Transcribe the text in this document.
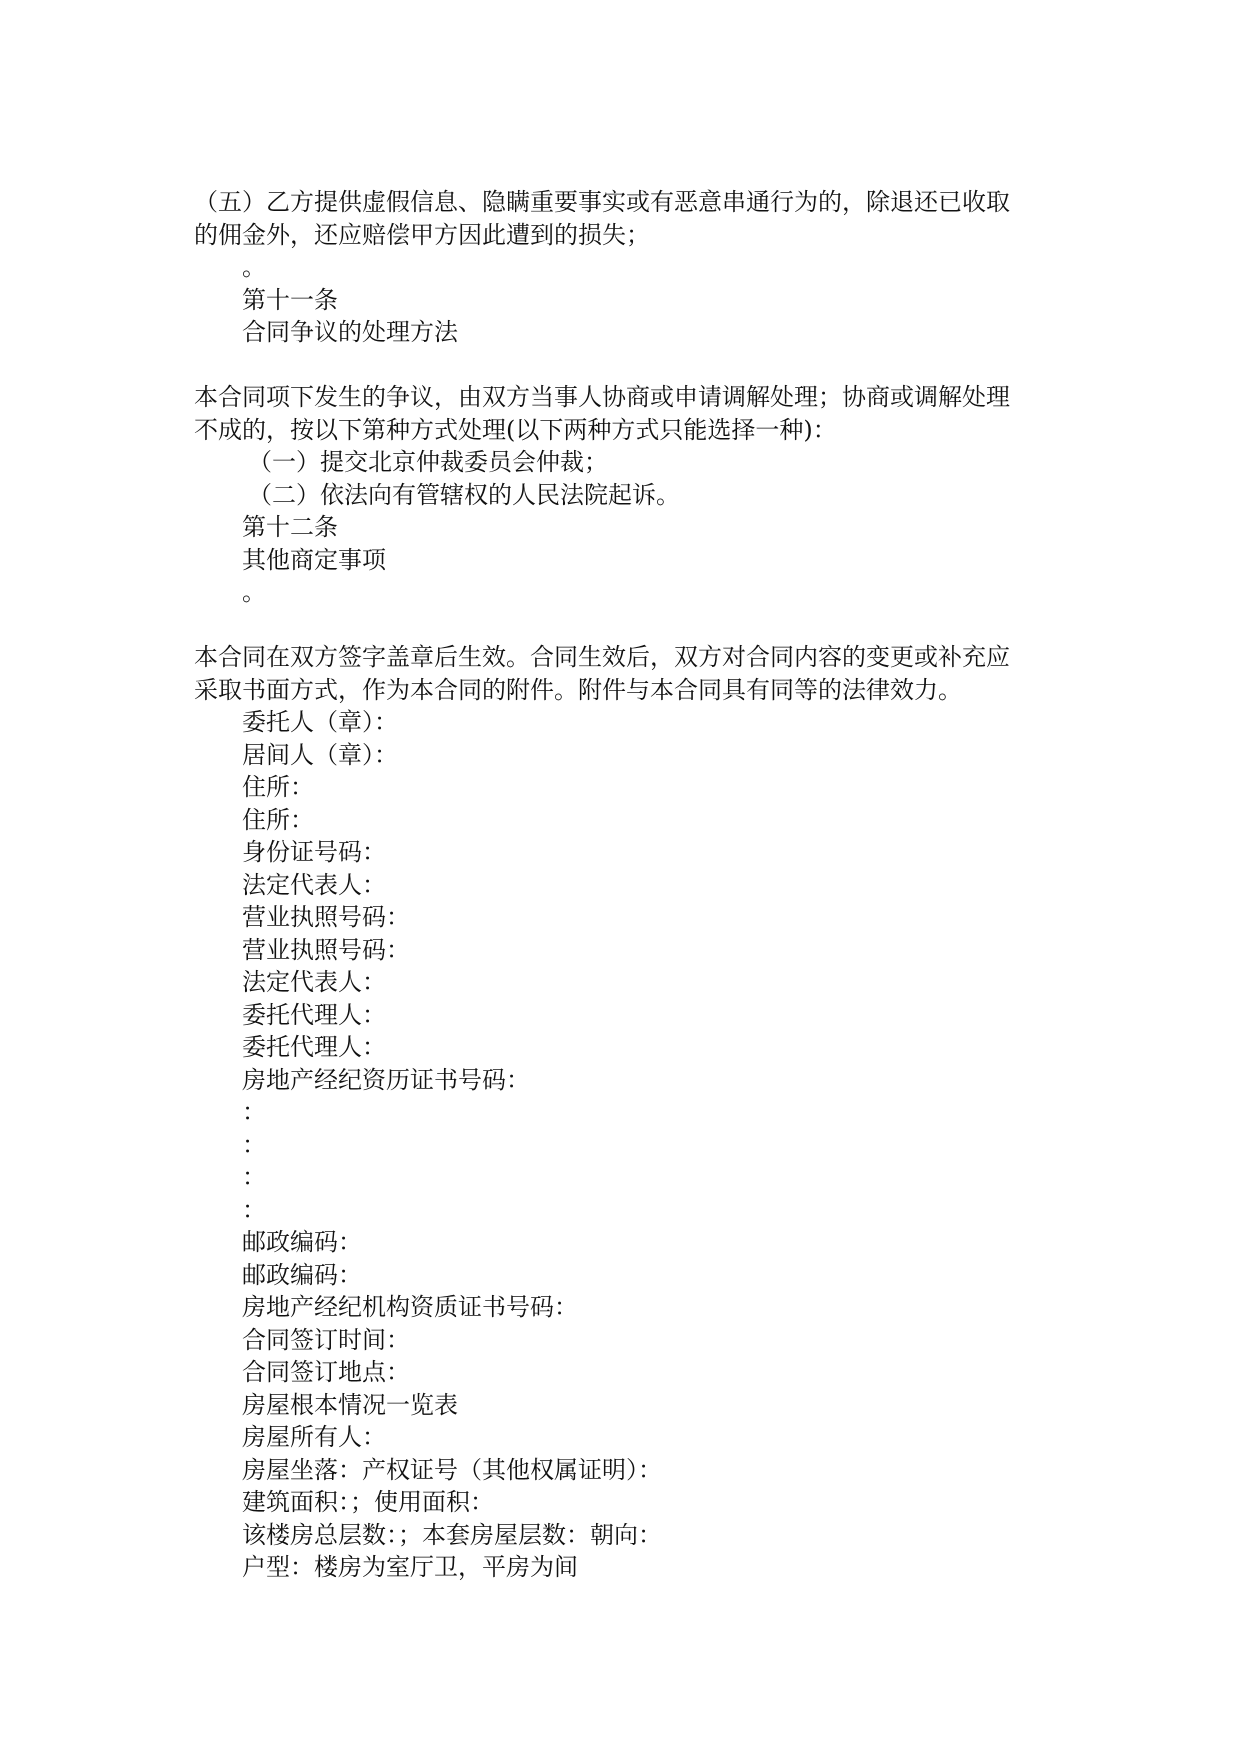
（五）乙方提供虚假信息、隐瞒重要事实或有恶意串通行为的，除退还已收取
的佣金外，还应赔偿甲方因此遭到的损失；
。
第十一条
合同争议的处理方法
本合同项下发生的争议，由双方当事人协商或申请调解处理；协商或调解处理
不成的，按以下第种方式处理(以下两种方式只能选择一种)：
（一）提交北京仲裁委员会仲裁；
（二）依法向有管辖权的人民法院起诉。
第十二条
其他商定事项
。
本合同在双方签字盖章后生效。合同生效后，双方对合同内容的变更或补充应
采取书面方式，作为本合同的附件。附件与本合同具有同等的法律效力。
委托人（章）：
居间人（章）：
住所：
住所：
身份证号码：
法定代表人：
营业执照号码：
营业执照号码：
法定代表人：
委托代理人：
委托代理人：
房地产经纪资历证书号码：
：
：
：
：
邮政编码：
邮政编码：
房地产经纪机构资质证书号码：
合同签订时间：
合同签订地点：
房屋根本情况一览表
房屋所有人：
房屋坐落：产权证号（其他权属证明）：
建筑面积：；使用面积：
该楼房总层数：；本套房屋层数：朝向：
户型：楼房为室厅卫，平房为间
